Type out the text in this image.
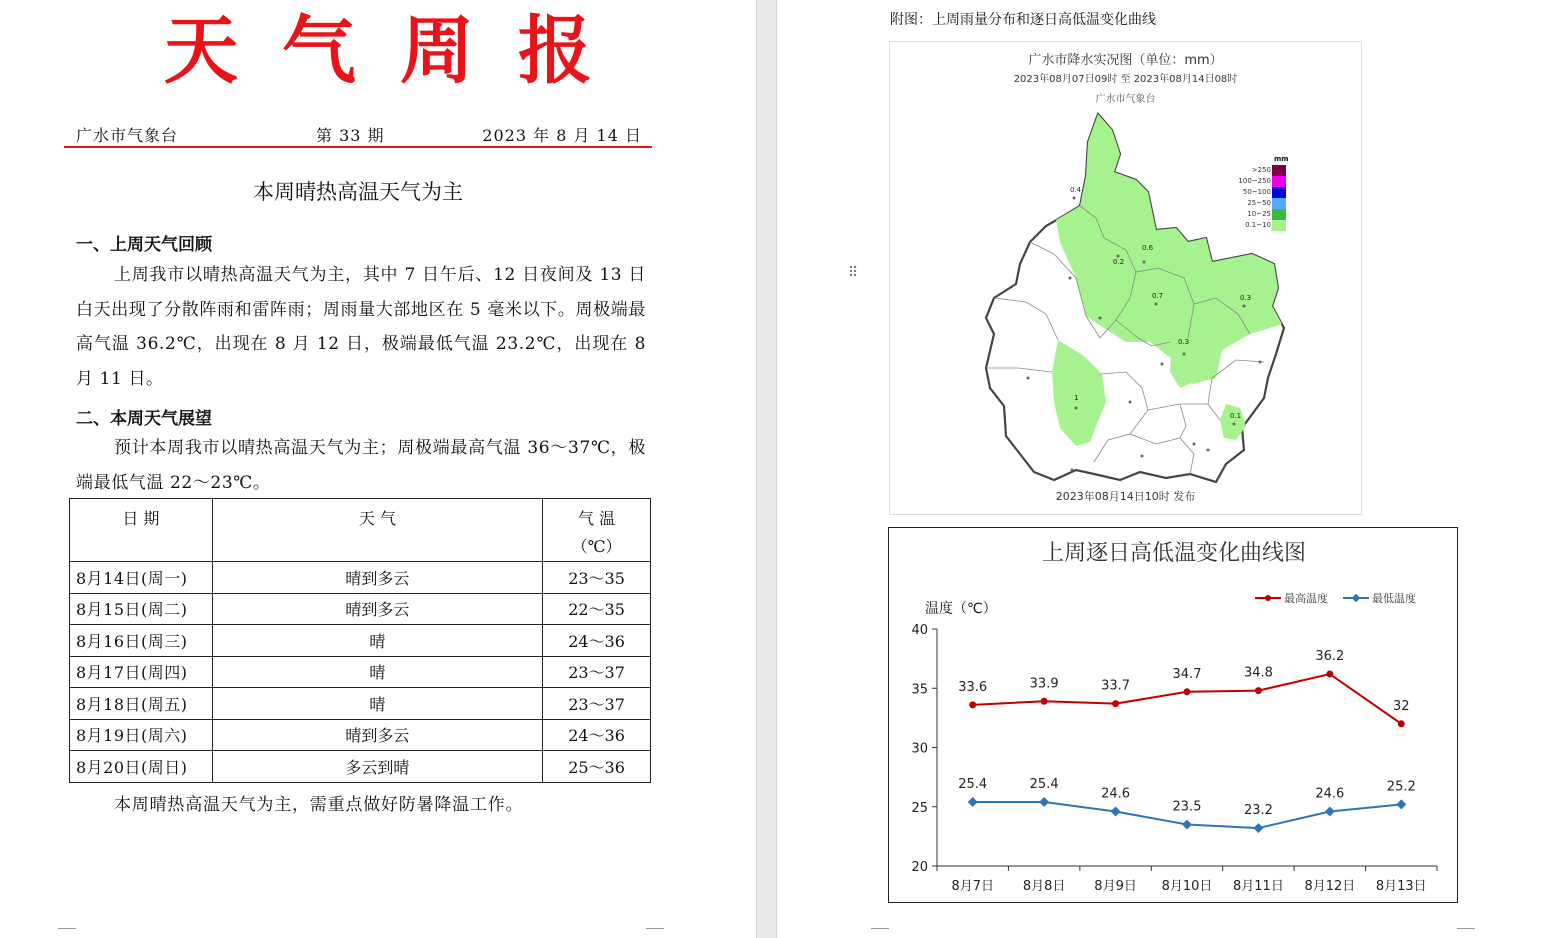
天气周报
广水市气象台	第 33 期	2023 年 8 月 14 日
本周晴热高温天气为主
一、上周天气回顾
上周我市以晴热高温天气为主，其中 7 日午后、12 日夜间及 13 日白天出现了分散阵雨和雷阵雨；周雨量大部地区在 5 毫米以下。周极端最高气温 36.2℃，出现在 8 月 12 日，极端最低气温 23.2℃，出现在 8 月 11 日。
二、本周天气展望
预计本周我市以晴热高温天气为主；周极端最高气温 36～37℃，极端最低气温 22～23℃。
日 期	天 气	气 温
（℃）

8月14日(周一)	晴到多云	23～35
8月15日(周二)	晴到多云	22～35
8月16日(周三)	晴	24～36
8月17日(周四)	晴	23～37
8月18日(周五)	晴	23～37
8月19日(周六)	晴到多云	24～36
8月20日(周日)	多云到晴	25～36
本周晴热高温天气为主，需重点做好防暑降温工作。
⠿
附图：上周雨量分布和逐日高低温变化曲线
0.4
0.6
0.2
0.7	0.3
0.3
1
0.1
广水市降水实况图（单位：mm）
2023年08月07日09时 至 2023年08月14日08时
广水市气象台
mm
>250
100~250
50~100
25~50
10~25
0.1~10
2023年08月14日10时 发布
上周逐日高低温变化曲线图
温度（℃）
最高温度	最低温度
20
25
30
35
40
8月7日 8月8日 8月9日 8月10日 8月11日 8月12日 8月13日
33.6	33.9	33.7
34.7	34.8
36.2
32
25.4	25.4
24.6
23.5	23.2
24.6	25.2
